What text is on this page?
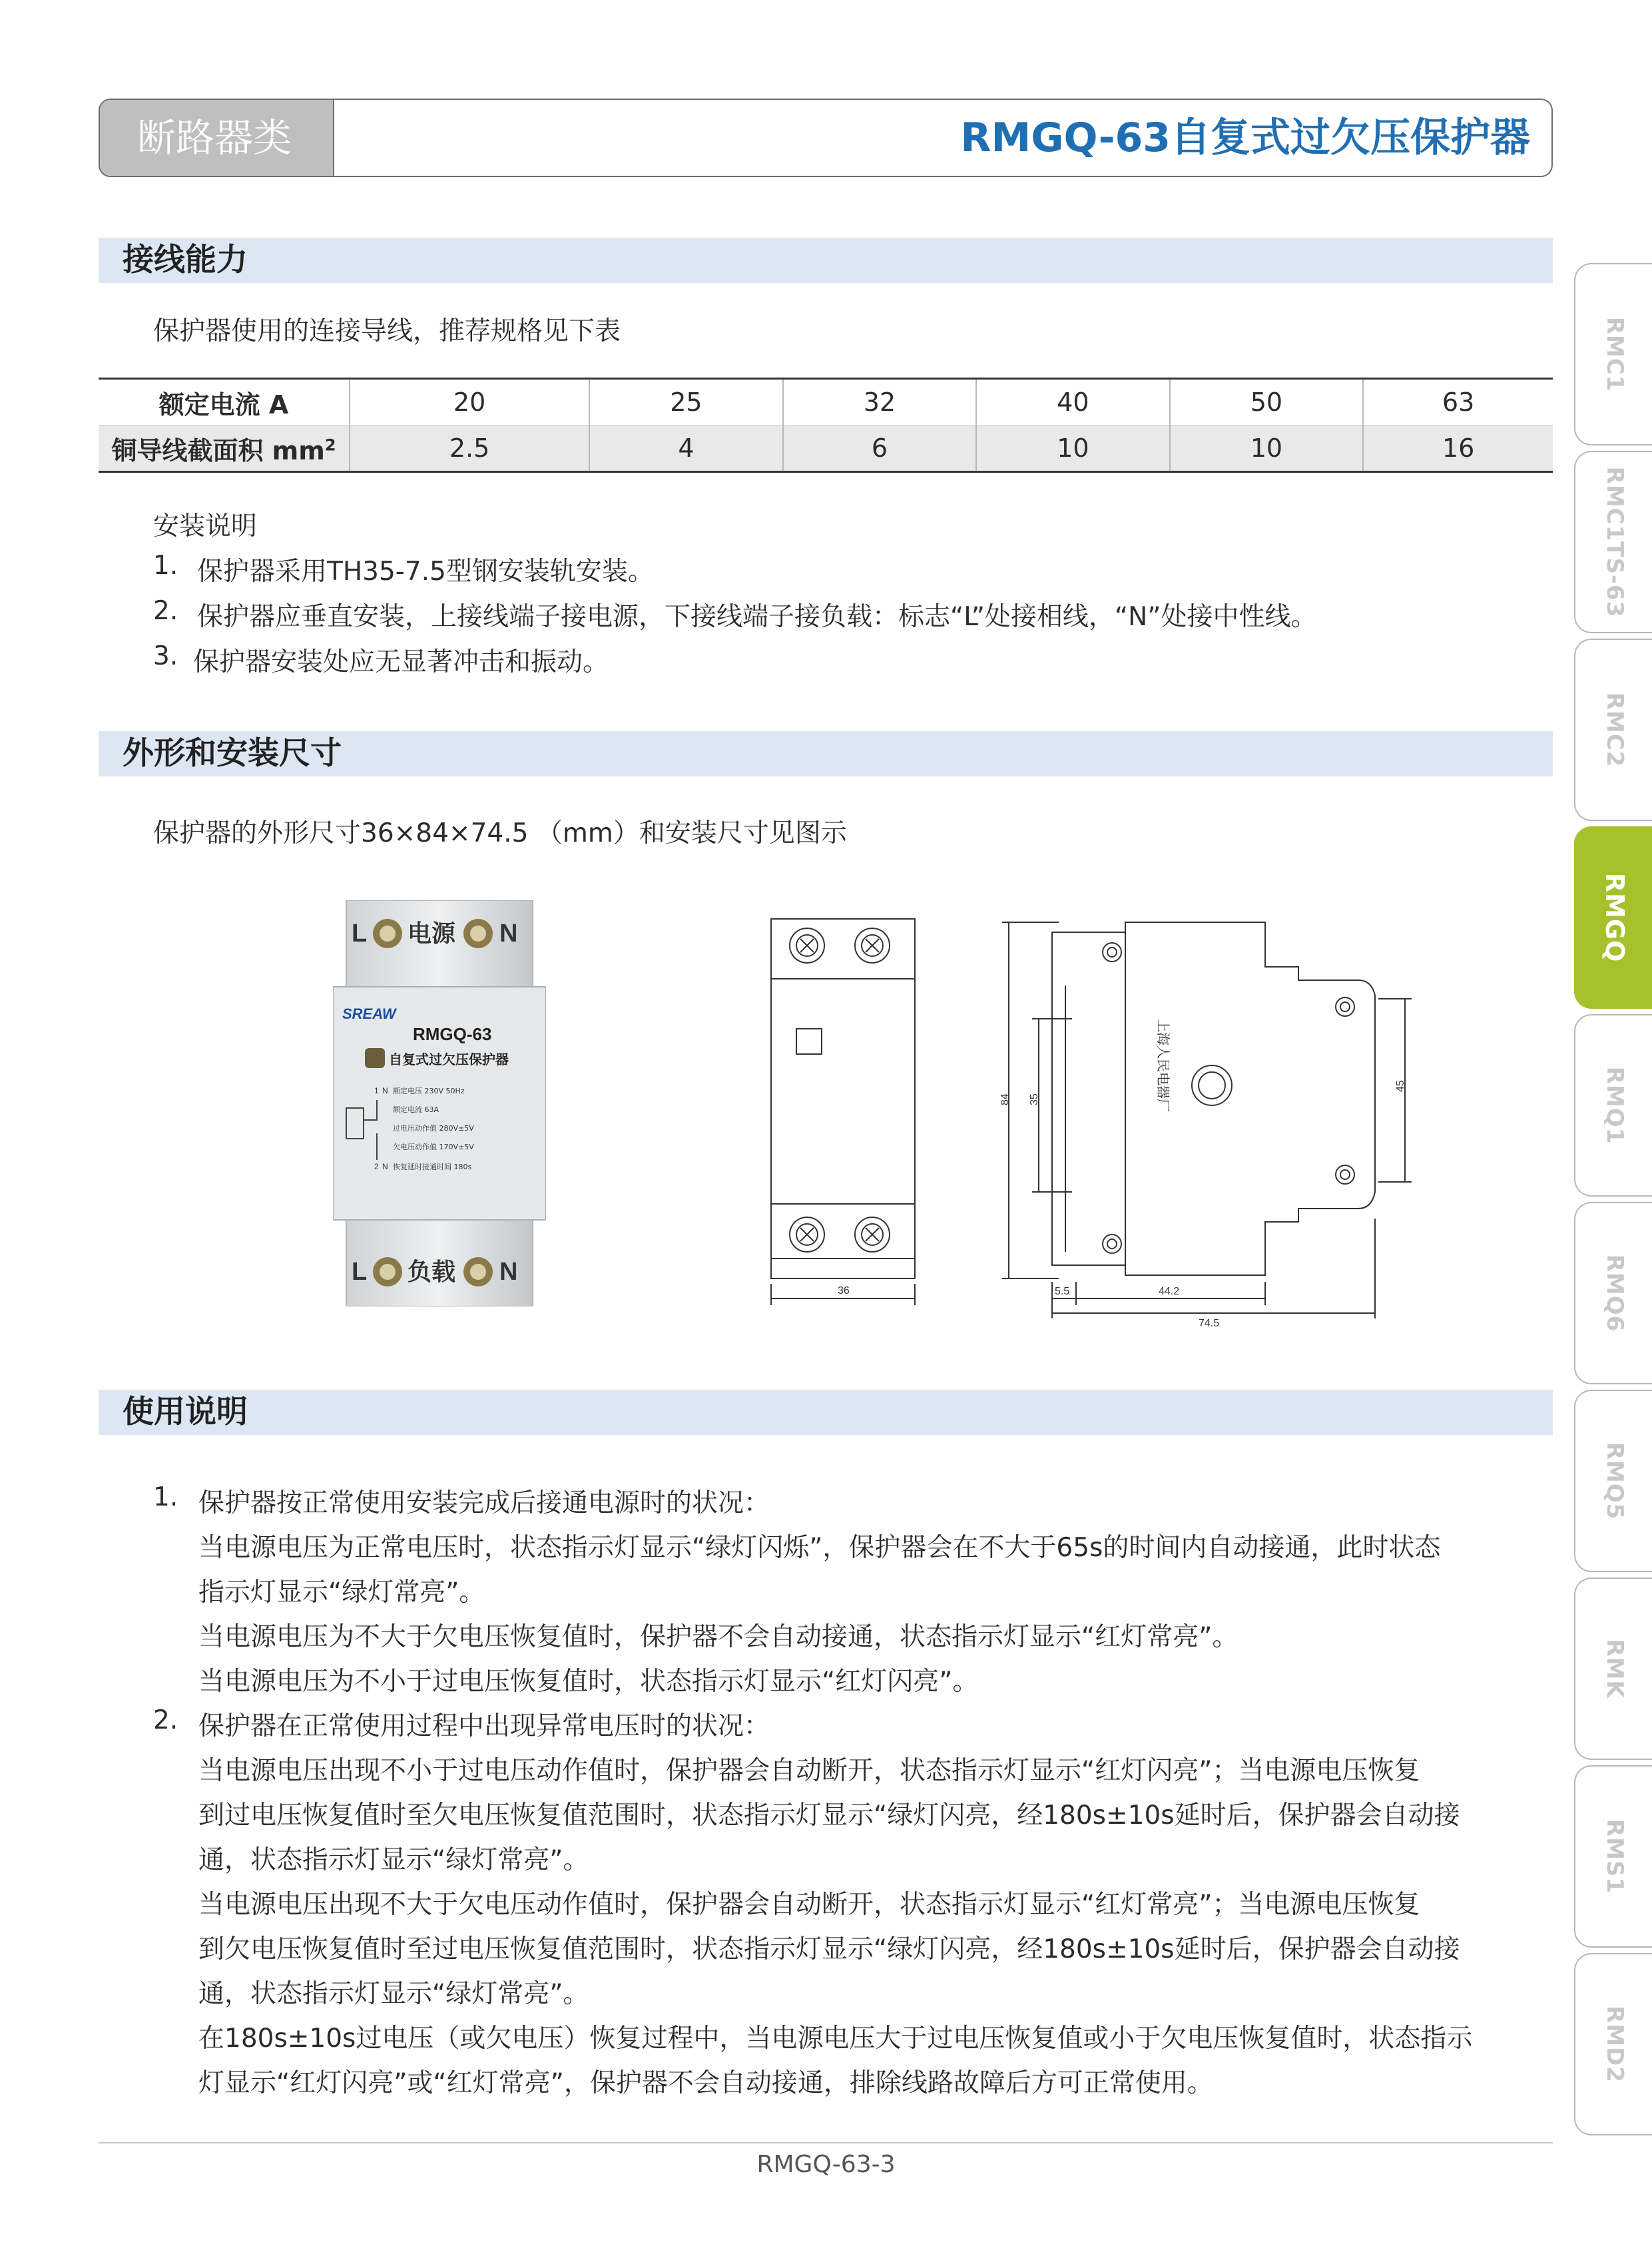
断路器类	RMGQ-63自复式过欠压保护器
接线能力
保护器使用的连接导线，推荐规格见下表
额定电流 A	20	25	32	40	50	63
铜导线截面积 $mm^2$	2.5	4	6	10	10	16
安装说明
1. 保护器采用TH35-7.5型钢安装轨安装。
2. 保护器应垂直安装，上接线端子接电源，下接线端子接负载：标志“L”处接相线，“N”处接中性线。
3. 保护器安装处应无显著冲击和振动。
外形和安装尺寸
保护器的外形尺寸36×84×74.5 （mm）和安装尺寸见图示
L 电源 N
SREAW
RMGQ-63
自复式过欠压保护器
额定电压 230V 50Hz
额定电流 63A
过电压动作值 280V±5V
欠电压动作值 170V±5V
恢复延时接通时间 180s
1 N
2 N
L 负载 N
36
84 35
45
5.5	44.2
74.5
上海人民电器厂
使用说明
1. 保护器按正常使用安装完成后接通电源时的状况：
当电源电压为正常电压时，状态指示灯显示“绿灯闪烁”，保护器会在不大于65s的时间内自动接通，此时状态
指示灯显示“绿灯常亮”。
当电源电压为不大于欠电压恢复值时，保护器不会自动接通，状态指示灯显示“红灯常亮”。
当电源电压为不小于过电压恢复值时，状态指示灯显示“红灯闪亮”。
2. 保护器在正常使用过程中出现异常电压时的状况：
当电源电压出现不小于过电压动作值时，保护器会自动断开，状态指示灯显示“红灯闪亮”；当电源电压恢复
到过电压恢复值时至欠电压恢复值范围时，状态指示灯显示“绿灯闪亮，经180s±10s延时后，保护器会自动接
通，状态指示灯显示“绿灯常亮”。
当电源电压出现不大于欠电压动作值时，保护器会自动断开，状态指示灯显示“红灯常亮”；当电源电压恢复
到欠电压恢复值时至过电压恢复值范围时，状态指示灯显示“绿灯闪亮，经180s±10s延时后，保护器会自动接
通，状态指示灯显示“绿灯常亮”。
在180s±10s过电压（或欠电压）恢复过程中，当电源电压大于过电压恢复值或小于欠电压恢复值时，状态指示
灯显示“红灯闪亮”或“红灯常亮”，保护器不会自动接通，排除线路故障后方可正常使用。
RMC1
RMC1TS-63
RMC2
RMGQ
RMQ1
RMQ6
RMQ5
RMK
RMS1
RMD2
RMGQ-63-3
